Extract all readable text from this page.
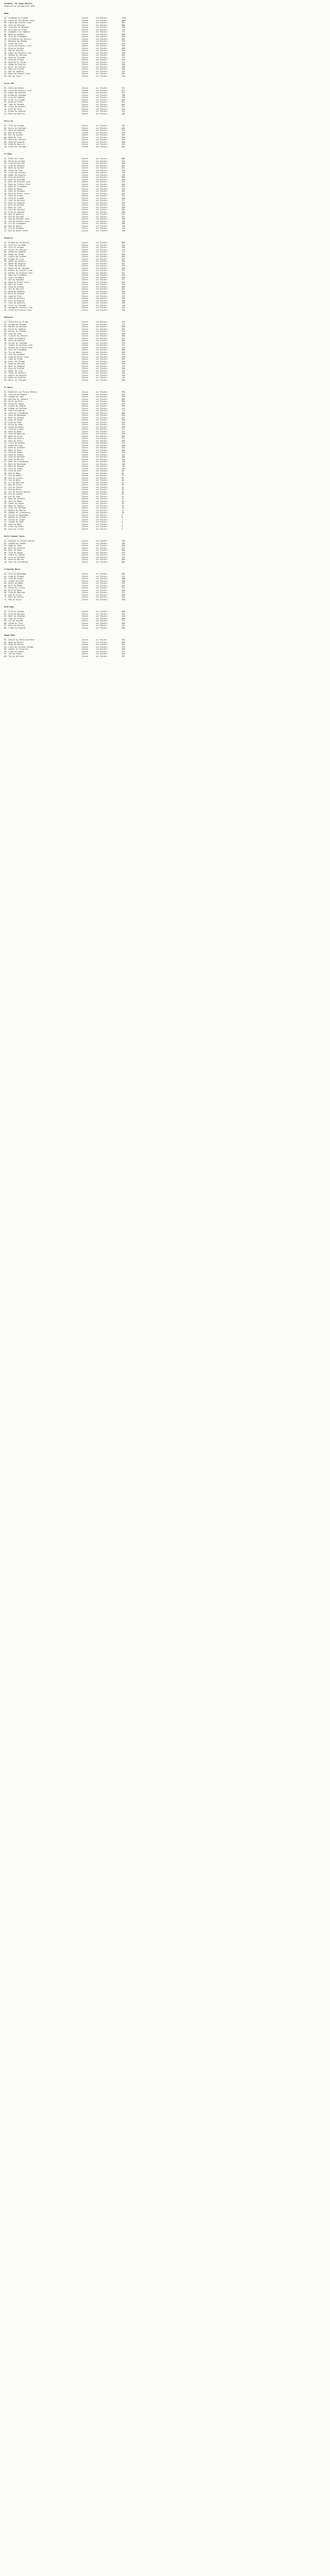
Assembly '96 Compo Results
Compiled by StingerLord 9/96
Demo
----
01. Schemata by Orange	(Score	xx) Points:	1234
02. Stash by The Black Lotus	(Score	xx) Points:	1002
03. Caero by Plastic Form	(Score	xx) Points:	982
04. Sink by Halcyon	(Score	xx) Points:	866
05. Contrast by Oxygene	(Score	xx) Points:	798
06. Airframe by Prime	(Score	xx) Points:	754
07. Cyboman 3 by Complex	(Score	xx) Points:	711
08. Dope by Complex	(Score	xx) Points:	688
09. Flux by Flashback	(Score	xx) Points:	640
10. Ultraforce by Vectors	(Score	xx) Points:	602
11. Machine by Orange	(Score	xx) Points:	578
12. Fount by Tran	(Score	xx) Points:	544
13. Juice by Psychic Link	(Score	xx) Points:	510
14. Blue by Exceed	(Score	xx) Points:	489
15. Rad by Digital	(Score	xx) Points:	455
16. Paper by Psychic Link	(Score	xx) Points:	430
17. Heaven by Halcyon	(Score	xx) Points:	402
18. Show by Cascada	(Score	xx) Points:	377
19. Void by Orange	(Score	xx) Points:	350
20. Skyline by Prime	(Score	xx) Points:	321
21. Kimmo by Quality	(Score	xx) Points:	300
22. Drift by Vectors	(Score	xx) Points:	288
23. Moon by Exceed	(Score	xx) Points:	260
24. Hex by Complex	(Score	xx) Points:	244
25. Mono by Plastic Form	(Score	xx) Points:	232
26. Sol by Tran	(Score	xx) Points:	210
Intro 64k
---------
01. Stars by Nooon	(Score	xx) Points:	911
02. Juice by Psychic Link	(Score	xx) Points:	874
03. Paper by Halcyon	(Score	xx) Points:	812
04. Dream by Cascada	(Score	xx) Points:	766
05. Live by Complex	(Score	xx) Points:	720
06. Floor by Orange	(Score	xx) Points:	684
07. Blob by Prime	(Score	xx) Points:	641
08. Tube by Exceed	(Score	xx) Points:	603
09. Glass by Vectors	(Score	xx) Points:	577
10. Echo by Tran	(Score	xx) Points:	540
11. Rings by Digital	(Score	xx) Points:	512
12. Mesh by Quality	(Score	xx) Points:	488
Intro 4k
--------
01. Tiny by Orange	(Score	xx) Points:	702
02. Micro by Halcyon	(Score	xx) Points:	665
03. Byte by Complex	(Score	xx) Points:	631
04. Dot by Prime	(Score	xx) Points:	590
05. Bit by Exceed	(Score	xx) Points:	552
06. Nano by Tran	(Score	xx) Points:	520
07. Spark by Vectors	(Score	xx) Points:	494
08. Seed by Digital	(Score	xx) Points:	460
09. Atom by Quality	(Score	xx) Points:	433
10. Grain by Cascada	(Score	xx) Points:	402
PC Demo
-------
01. Orbit by Prime	(Score	xx) Points:	980
02. Pulse by Orange	(Score	xx) Points:	944
03. Flow by Halcyon	(Score	xx) Points:	900
04. Tide by Complex	(Score	xx) Points:	862
05. Wave by Exceed	(Score	xx) Points:	821
06. Storm by Tran	(Score	xx) Points:	790
07. Frost by Vectors	(Score	xx) Points:	755
08. Ember by Digital	(Score	xx) Points:	720
09. Glow by Quality	(Score	xx) Points:	688
10. Haze by Cascada	(Score	xx) Points:	650
11. Mist by Psychic Link	(Score	xx) Points:	612
12. Dusk by Plastic Form	(Score	xx) Points:	580
13. Dawn by Flashback	(Score	xx) Points:	551
14. Noon by Nooon	(Score	xx) Points:	520
15. Gale by Oxygene	(Score	xx) Points:	490
16. Rain by Black Lotus	(Score	xx) Points:	461
17. Sand by Prime	(Score	xx) Points:	433
18. Snow by Orange	(Score	xx) Points:	400
19. Leaf by Halcyon	(Score	xx) Points:	377
20. Root by Complex	(Score	xx) Points:	350
21. Bark by Exceed	(Score	xx) Points:	322
22. Moss by Tran	(Score	xx) Points:	300
23. Fern by Vectors	(Score	xx) Points:	282
24. Pine by Digital	(Score	xx) Points:	260
25. Oak by Quality	(Score	xx) Points:	241
26. Elm by Cascada	(Score	xx) Points:	222
27. Ash by Psychic Link	(Score	xx) Points:	200
28. Yew by Plastic Form	(Score	xx) Points:	180
29. Fir by Flashback	(Score	xx) Points:	160
30. Bay by Nooon	(Score	xx) Points:	140
31. Ivy by Oxygene	(Score	xx) Points:	122
32. Rye by Black Lotus	(Score	xx) Points:	100
Graphics
--------
01. Dragon by Visualize	(Score	xx) Points:	850
02. Portrait by Made	(Score	xx) Points:	812
03. City by Orange	(Score	xx) Points:	780
04. Forest by Halcyon	(Score	xx) Points:	744
05. Ocean by Complex	(Score	xx) Points:	711
06. Robot by Prime	(Score	xx) Points:	683
07. Castle by Exceed	(Score	xx) Points:	650
08. Knight by Tran	(Score	xx) Points:	622
09. Angel by Vectors	(Score	xx) Points:	590
10. Beast by Digital	(Score	xx) Points:	561
11. Tower by Quality	(Score	xx) Points:	533
12. Moonrise by Cascada	(Score	xx) Points:	500
13. Desert by Psychic Link	(Score	xx) Points:	477
14. Harbor by Plastic Form	(Score	xx) Points:	451
15. Mask by Flashback	(Score	xx) Points:	420
16. Skull by Nooon	(Score	xx) Points:	400
17. Eye by Oxygene	(Score	xx) Points:	377
18. Rose by Black Lotus	(Score	xx) Points:	350
19. Wolf by Prime	(Score	xx) Points:	322
20. Ship by Orange	(Score	xx) Points:	300
21. Fox by Halcyon	(Score	xx) Points:	281
22. Hand by Complex	(Score	xx) Points:	260
23. Bird by Exceed	(Score	xx) Points:	240
24. Lamp by Tran	(Score	xx) Points:	222
25. Gate by Vectors	(Score	xx) Points:	200
26. Star by Digital	(Score	xx) Points:	180
27. Cave by Quality	(Score	xx) Points:	160
28. Cliff by Cascada	(Score	xx) Points:	144
29. Bridge by Psychic Link	(Score	xx) Points:	122
30. Field by Plastic Form	(Score	xx) Points:	100
Raytrace
--------
01. Glass Orb by Prime	(Score	xx) Points:	760
02. Chrome by Orange	(Score	xx) Points:	722
03. Marble by Halcyon	(Score	xx) Points:	690
04. Prism by Complex	(Score	xx) Points:	655
05. Mirror by Exceed	(Score	xx) Points:	622
06. Lens by Tran	(Score	xx) Points:	590
07. Crystal by Vectors	(Score	xx) Points:	560
08. Steel by Digital	(Score	xx) Points:	531
09. Gold by Quality	(Score	xx) Points:	500
10. Silver by Cascada	(Score	xx) Points:	470
11. Copper by Psychic Link	(Score	xx) Points:	441
12. Bronze by Plastic Form	(Score	xx) Points:	412
13. Iron by Flashback	(Score	xx) Points:	388
14. Tin by Nooon	(Score	xx) Points:	360
15. Zinc by Oxygene	(Score	xx) Points:	331
16. Lead by Black Lotus	(Score	xx) Points:	300
17. Jade by Prime	(Score	xx) Points:	281
18. Pearl by Orange	(Score	xx) Points:	260
19. Ruby by Halcyon	(Score	xx) Points:	240
20. Opal by Complex	(Score	xx) Points:	222
21. Onyx by Exceed	(Score	xx) Points:	200
22. Amber by Tran	(Score	xx) Points:	181
23. Topaz by Vectors	(Score	xx) Points:	160
24. Quartz by Digital	(Score	xx) Points:	140
25. Agate by Quality	(Score	xx) Points:	122
26. Beryl by Cascada	(Score	xx) Points:	100
PC Music
--------
01. Nightfall by Purple Motion	(Score	xx) Points:	990
02. Sunrise by Skaven	(Score	xx) Points:	955
03. Voyage by Jugi	(Score	xx) Points:	920
04. Horizon by Jeskola	(Score	xx) Points:	884
05. Drift by Dune	(Score	xx) Points:	850
06. Shine by Vogue	(Score	xx) Points:	812
07. Groove by Zodiac	(Score	xx) Points:	780
08. Echoes by Hoffman	(Score	xx) Points:	744
09. Pulse by Necros	(Score	xx) Points:	711
10. Calm by Lizardking	(Score	xx) Points:	683
11. Rush by Basehead	(Score	xx) Points:	650
12. Beat by Elwood	(Score	xx) Points:	622
13. Sway by Teque	(Score	xx) Points:	590
14. Flow by Kfmf	(Score	xx) Points:	561
15. Bliss by Moby	(Score	xx) Points:	533
16. Storm by Radix	(Score	xx) Points:	500
17. Tide by Lluvia	(Score	xx) Points:	477
18. Haze by Nuke	(Score	xx) Points:	451
19. Glow by Maelcum	(Score	xx) Points:	420
20. Wave by Siren	(Score	xx) Points:	400
21. Mist by Chorus	(Score	xx) Points:	377
22. Rain by Dizzy	(Score	xx) Points:	350
23. Frost by Skaven	(Score	xx) Points:	322
24. Ember by Jugi	(Score	xx) Points:	300
25. Dusk by Jeskola	(Score	xx) Points:	281
26. Dawn by Dune	(Score	xx) Points:	260
27. Gale by Vogue	(Score	xx) Points:	240
28. Sand by Zodiac	(Score	xx) Points:	222
29. Snow by Hoffman	(Score	xx) Points:	200
30. Leaf by Necros	(Score	xx) Points:	181
31. Root by Lizardking	(Score	xx) Points:	160
32. Bark by Basehead	(Score	xx) Points:	140
33. Moss by Elwood	(Score	xx) Points:	122
34. Fern by Teque	(Score	xx) Points:	100
35. Pine by Kfmf	(Score	xx) Points:	90
36. Oak by Moby	(Score	xx) Points:	80
37. Elm by Radix	(Score	xx) Points:	70
38. Ash by Lluvia	(Score	xx) Points:	60
39. Yew by Nuke	(Score	xx) Points:	50
40. Fir by Maelcum	(Score	xx) Points:	45
41. Bay by Siren	(Score	xx) Points:	40
42. Ivy by Chorus	(Score	xx) Points:	35
43. Rye by Dizzy	(Score	xx) Points:	30
44. Sky by Purple Motion	(Score	xx) Points:	28
45. Sea by Skaven	(Score	xx) Points:	26
46. Sun by Jugi	(Score	xx) Points:	24
47. Moon by Jeskola	(Score	xx) Points:	22
48. Star by Dune	(Score	xx) Points:	20
49. Comet by Vogue	(Score	xx) Points:	18
50. Nova by Zodiac	(Score	xx) Points:	16
51. Orbit by Hoffman	(Score	xx) Points:	14
52. Nebula by Necros	(Score	xx) Points:	12
53. Quasar by Lizardking	(Score	xx) Points:	10
54. Pulsar by Basehead	(Score	xx) Points:	9
55. Meteor by Elwood	(Score	xx) Points:	8
56. Galaxy by Teque	(Score	xx) Points:	7
57. Cosmos by Kfmf	(Score	xx) Points:	6
58. Void by Moby	(Score	xx) Points:	5
59. Ether by Radix	(Score	xx) Points:	4
60. Aura by Lluvia	(Score	xx) Points:	3
Multi-Channel Music
-------------------
01. Odyssey by Purple Motion	(Score	xx) Points:	610
02. Legend by Skaven	(Score	xx) Points:	590
03. Saga by Jugi	(Score	xx) Points:	560
04. Myth by Jeskola	(Score	xx) Points:	531
05. Epic by Dune	(Score	xx) Points:	500
06. Tale by Vogue	(Score	xx) Points:	470
07. Fable by Zodiac	(Score	xx) Points:	441
08. Lore by Hoffman	(Score	xx) Points:	412
09. Rune by Necros	(Score	xx) Points:	388
10. Hymn by Lizardking	(Score	xx) Points:	360
4-Channel Music
---------------
01. Chip by Basehead	(Score	xx) Points:	540
02. Loop by Elwood	(Score	xx) Points:	512
03. Tune by Teque	(Score	xx) Points:	488
04. Jingle by Kfmf	(Score	xx) Points:	460
05. Ditty by Moby	(Score	xx) Points:	433
06. Riff by Radix	(Score	xx) Points:	402
07. Bleep by Lluvia	(Score	xx) Points:	377
08. Blip by Nuke	(Score	xx) Points:	350
09. Ping by Maelcum	(Score	xx) Points:	322
10. Zap by Siren	(Score	xx) Points:	300
11. Buzz by Chorus	(Score	xx) Points:	281
12. Hum by Dizzy	(Score	xx) Points:	260
Wild Demo
---------
01. Clip by Orange	(Score	xx) Points:	480
02. Film by Halcyon	(Score	xx) Points:	451
03. Reel by Complex	(Score	xx) Points:	420
04. Take by Prime	(Score	xx) Points:	400
05. Cut by Exceed	(Score	xx) Points:	377
06. Scene by Tran	(Score	xx) Points:	350
07. Shot by Vectors	(Score	xx) Points:	322
08. Frame by Digital	(Score	xx) Points:	300
Amiga Demo
----------
01. Zenith by Polka Brothers	(Score	xx) Points:	520
02. Apex by Mystic	(Score	xx) Points:	490
03. Peak by Sanity	(Score	xx) Points:	461
04. Crest by Virtual Dreams	(Score	xx) Points:	433
05. Summit by Parallax	(Score	xx) Points:	400
06. Crown by Abyss	(Score	xx) Points:	377
07. Top by Lemon	(Score	xx) Points:	350
08. Tip by Kefrens	(Score	xx) Points:	322
